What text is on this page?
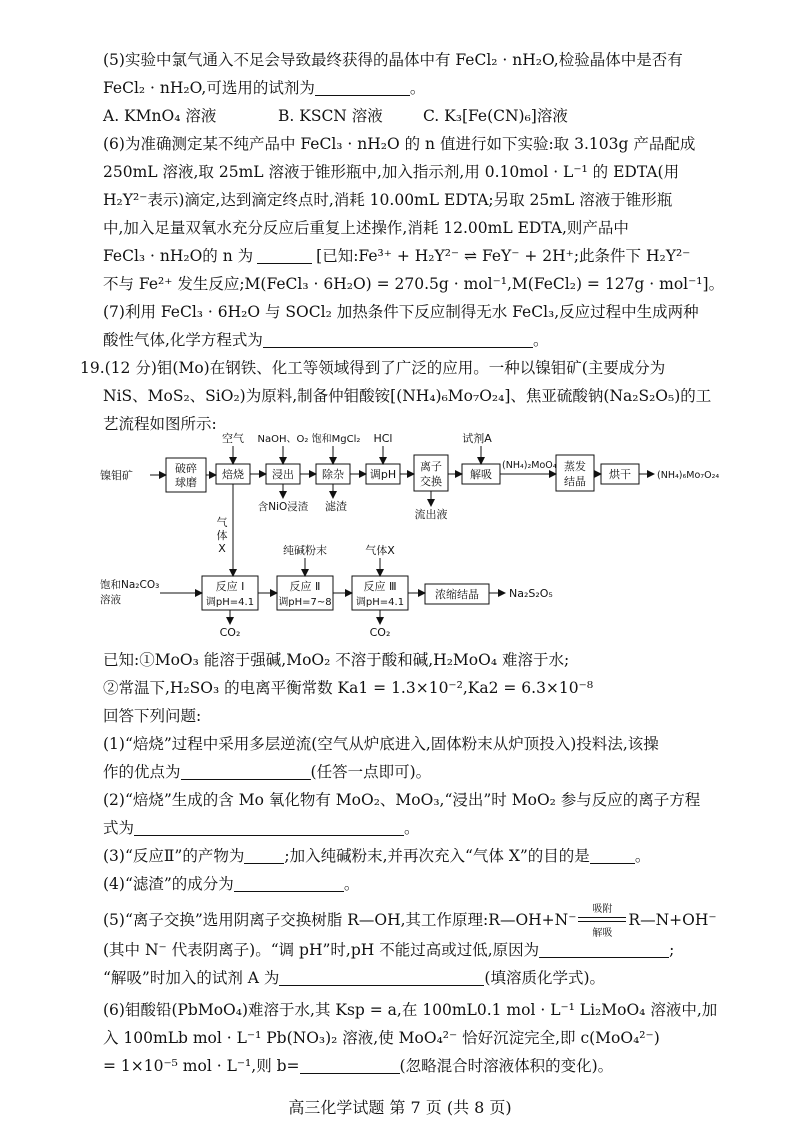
(5)实验中氯气通入不足会导致最终获得的晶体中有 FeCl₂ · nH₂O,检验晶体中是否有
FeCl₂ · nH₂O,可选用的试剂为	。
A. KMnO₄ 溶液	B. KSCN 溶液	C. K₃[Fe(CN)₆]溶液
(6)为准确测定某不纯产品中 FeCl₃ · nH₂O 的 n 值进行如下实验:取 3.103g 产品配成
250mL 溶液,取 25mL 溶液于锥形瓶中,加入指示剂,用 0.10mol · L⁻¹ 的 EDTA(用
H₂Y²⁻表示)滴定,达到滴定终点时,消耗 10.00mL EDTA;另取 25mL 溶液于锥形瓶
中,加入足量双氧水充分反应后重复上述操作,消耗 12.00mL EDTA,则产品中
FeCl₃ · nH₂O的 n 为	[已知:Fe³⁺ + H₂Y²⁻ ⇌ FeY⁻ + 2H⁺;此条件下 H₂Y²⁻
不与 Fe²⁺ 发生反应;M(FeCl₃ · 6H₂O) = 270.5g · mol⁻¹,M(FeCl₂) = 127g · mol⁻¹]。
(7)利用 FeCl₃ · 6H₂O 与 SOCl₂ 加热条件下反应制得无水 FeCl₃,反应过程中生成两种
酸性气体,化学方程式为	。
19.(12 分)钼(Mo)在钢铁、化工等领域得到了广泛的应用。一种以镍钼矿(主要成分为
NiS、MoS₂、SiO₂)为原料,制备仲钼酸铵[(NH₄)₆Mo₇O₂₄]、焦亚硫酸钠(Na₂S₂O₅)的工
艺流程如图所示:
镍钼矿
破碎
球磨
焙烧	浸出	除杂 调pH
离子
交换
解吸
蒸发
结晶
烘干	(NH₄)₆Mo₇O₂₄
空气 NaOH、O₂ 饱和MgCl₂ HCl	试剂A
(NH₄)₂MoO₄
含NiO浸渣 滤渣
流出液
气
体
X
饱和Na₂CO₃
溶液
反应 Ⅰ
调pH=4.1
反应 Ⅱ
调pH=7~8
反应 Ⅲ
调pH=4.1
纯碱粉末	气体X
浓缩结晶	Na₂S₂O₅
CO₂	CO₂
已知:①MoO₃ 能溶于强碱,MoO₂ 不溶于酸和碱,H₂MoO₄ 难溶于水;
②常温下,H₂SO₃ 的电离平衡常数 Ka1 = 1.3×10⁻²,Ka2 = 6.3×10⁻⁸
回答下列问题:
(1)“焙烧”过程中采用多层逆流(空气从炉底进入,固体粉末从炉顶投入)投料法,该操
作的优点为	(任答一点即可)。
(2)“焙烧”生成的含 Mo 氧化物有 MoO₂、MoO₃,“浸出”时 MoO₂ 参与反应的离子方程
式为	。
(3)“反应Ⅱ”的产物为	;加入纯碱粉末,并再次充入“气体 X”的目的是	。
(4)“滤渣”的成分为	。
(5)“离子交换”选用阴离子交换树脂 R—OH,其工作原理:R—OH+N⁻
吸附
解吸
R—N+OH⁻
(其中 N⁻ 代表阴离子)。“调 pH”时,pH 不能过高或过低,原因为	;
“解吸”时加入的试剂 A 为	(填溶质化学式)。
(6)钼酸铅(PbMoO₄)难溶于水,其 Ksp = a,在 100mL0.1 mol · L⁻¹ Li₂MoO₄ 溶液中,加
入 100mLb mol · L⁻¹ Pb(NO₃)₂ 溶液,使 MoO₄²⁻ 恰好沉淀完全,即 c(MoO₄²⁻)
= 1×10⁻⁵ mol · L⁻¹,则 b=	(忽略混合时溶液体积的变化)。
高三化学试题 第 7 页 (共 8 页)
